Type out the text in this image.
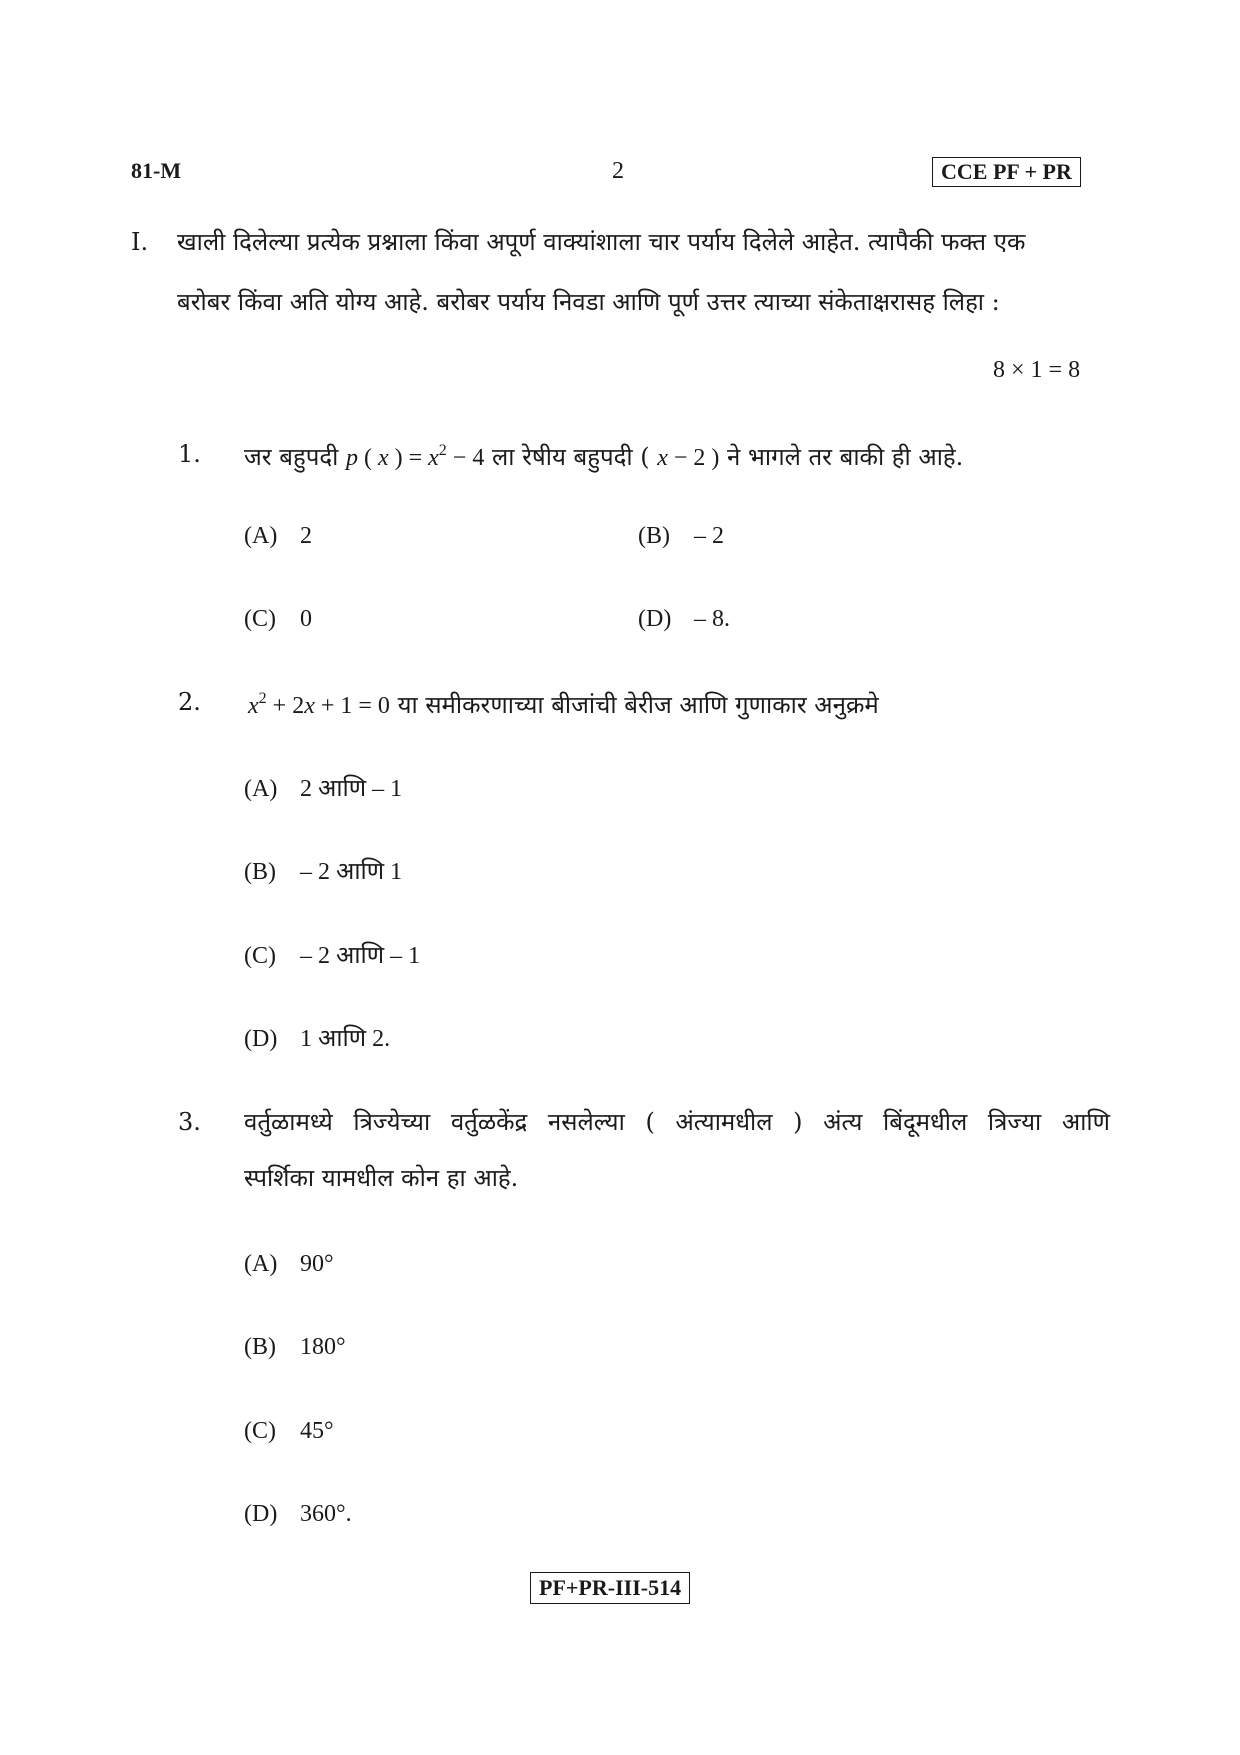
81-M	2	CCE PF + PR
I. खाली दिलेल्या प्रत्येक प्रश्नाला किंवा अपूर्ण वाक्यांशाला चार पर्याय दिलेले आहेत. त्यापैकी फक्त एक
बरोबर किंवा अति योग्य आहे. बरोबर पर्याय निवडा आणि पूर्ण उत्तर त्याच्या संकेताक्षरासह लिहा :
8 × 1 = 8
1. जर बहुपदी p ( x ) = $x^2 - 4$ ला रेषीय बहुपदी ( x − 2 ) ने भागले तर बाकी ही आहे.
(A) 2	(B) – 2
(C) 0	(D) – 8.
2. $x^2 + 2x + 1 = 0$ या समीकरणाच्या बीजांची बेरीज आणि गुणाकार अनुक्रमे
(A) 2 आणि – 1
(B) – 2 आणि 1
(C) – 2 आणि – 1
(D) 1 आणि 2.
3. वर्तुळामध्ये त्रिज्येच्या वर्तुळकेंद्र नसलेल्या ( अंत्यामधील ) अंत्य बिंदूमधील त्रिज्या आणि
स्पर्शिका यामधील कोन हा आहे.
(A) 90°
(B) 180°
(C) 45°
(D) 360°.
PF+PR-III-514
